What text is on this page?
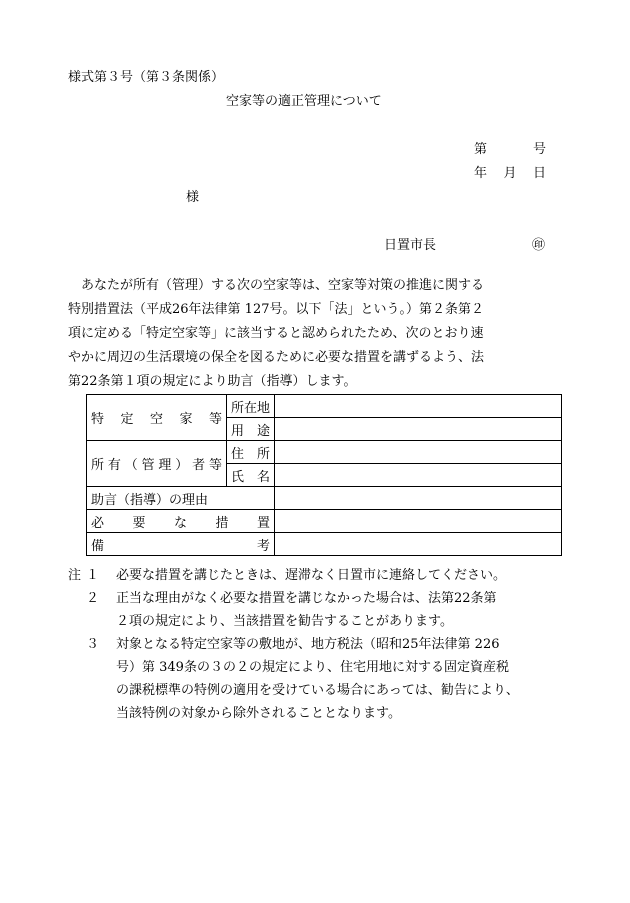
様式第３号（第３条関係）
空家等の適正管理について
第	号
年 月 日
様
日置市長	㊞
　あなたが所有（管理）する次の空家等は、空家等対策の推進に関する
特別措置法（平成26年法律第 127号。以下「法」という。）第２条第２
項に定める「特定空家等」に該当すると認められたため、次のとおり速
やかに周辺の生活環境の保全を図るために必要な措置を講ずるよう、法
第22条第１項の規定により助言（指導）します。
特定空家等	所在地	

	用途	

所有（管理）者等	住所	

	氏名	

助言（指導）の理由		

必要な措置		

備考		

注 １	必要な措置を講じたときは、遅滞なく日置市に連絡してください。
２	正当な理由がなく必要な措置を講じなかった場合は、法第22条第
２項の規定により、当該措置を勧告することがあります。
３	対象となる特定空家等の敷地が、地方税法（昭和25年法律第 226
号）第 349条の３の２の規定により、住宅用地に対する固定資産税
の課税標準の特例の適用を受けている場合にあっては、勧告により、
当該特例の対象から除外されることとなります。
